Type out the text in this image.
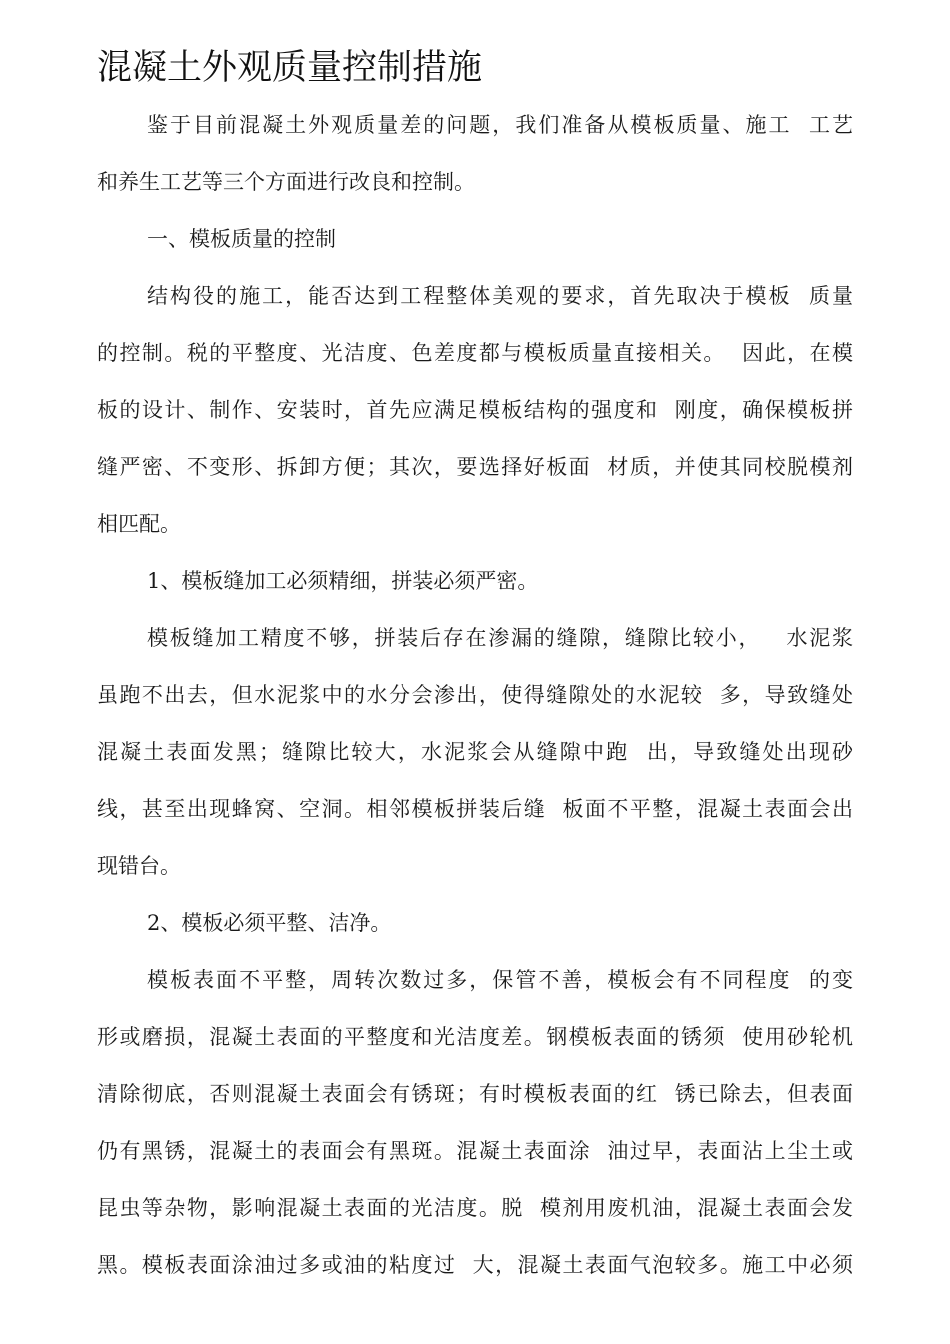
混凝土外观质量控制措施
鉴于目前混凝土外观质量差的问题，我们准备从模板质量、施工  工艺
和养生工艺等三个方面进行改良和控制。
一、模板质量的控制
结构役的施工，能否达到工程整体美观的要求，首先取决于模板  质量
的控制。税的平整度、光洁度、色差度都与模板质量直接相关。  因此，在模
板的设计、制作、安装时，首先应满足模板结构的强度和  刚度，确保模板拼
缝严密、不变形、拆卸方便；其次，要选择好板面  材质，并使其同校脱模剂
相匹配。
1、模板缝加工必须精细，拼装必须严密。
模板缝加工精度不够，拼装后存在渗漏的缝隙，缝隙比较小，   水泥浆
虽跑不出去，但水泥浆中的水分会渗出，使得缝隙处的水泥较  多，导致缝处
混凝土表面发黑；缝隙比较大，水泥浆会从缝隙中跑  出，导致缝处出现砂
线，甚至出现蜂窝、空洞。相邻模板拼装后缝  板面不平整，混凝土表面会出
现错台。
2、模板必须平整、洁净。
模板表面不平整，周转次数过多，保管不善，模板会有不同程度  的变
形或磨损，混凝土表面的平整度和光洁度差。钢模板表面的锈须  使用砂轮机
清除彻底，否则混凝土表面会有锈斑；有时模板表面的红  锈已除去，但表面
仍有黑锈，混凝土的表面会有黑斑。混凝土表面涂  油过早，表面沾上尘土或
昆虫等杂物，影响混凝土表面的光洁度。脱  模剂用废机油，混凝土表面会发
黑。模板表面涂油过多或油的粘度过  大，混凝土表面气泡较多。施工中必须
